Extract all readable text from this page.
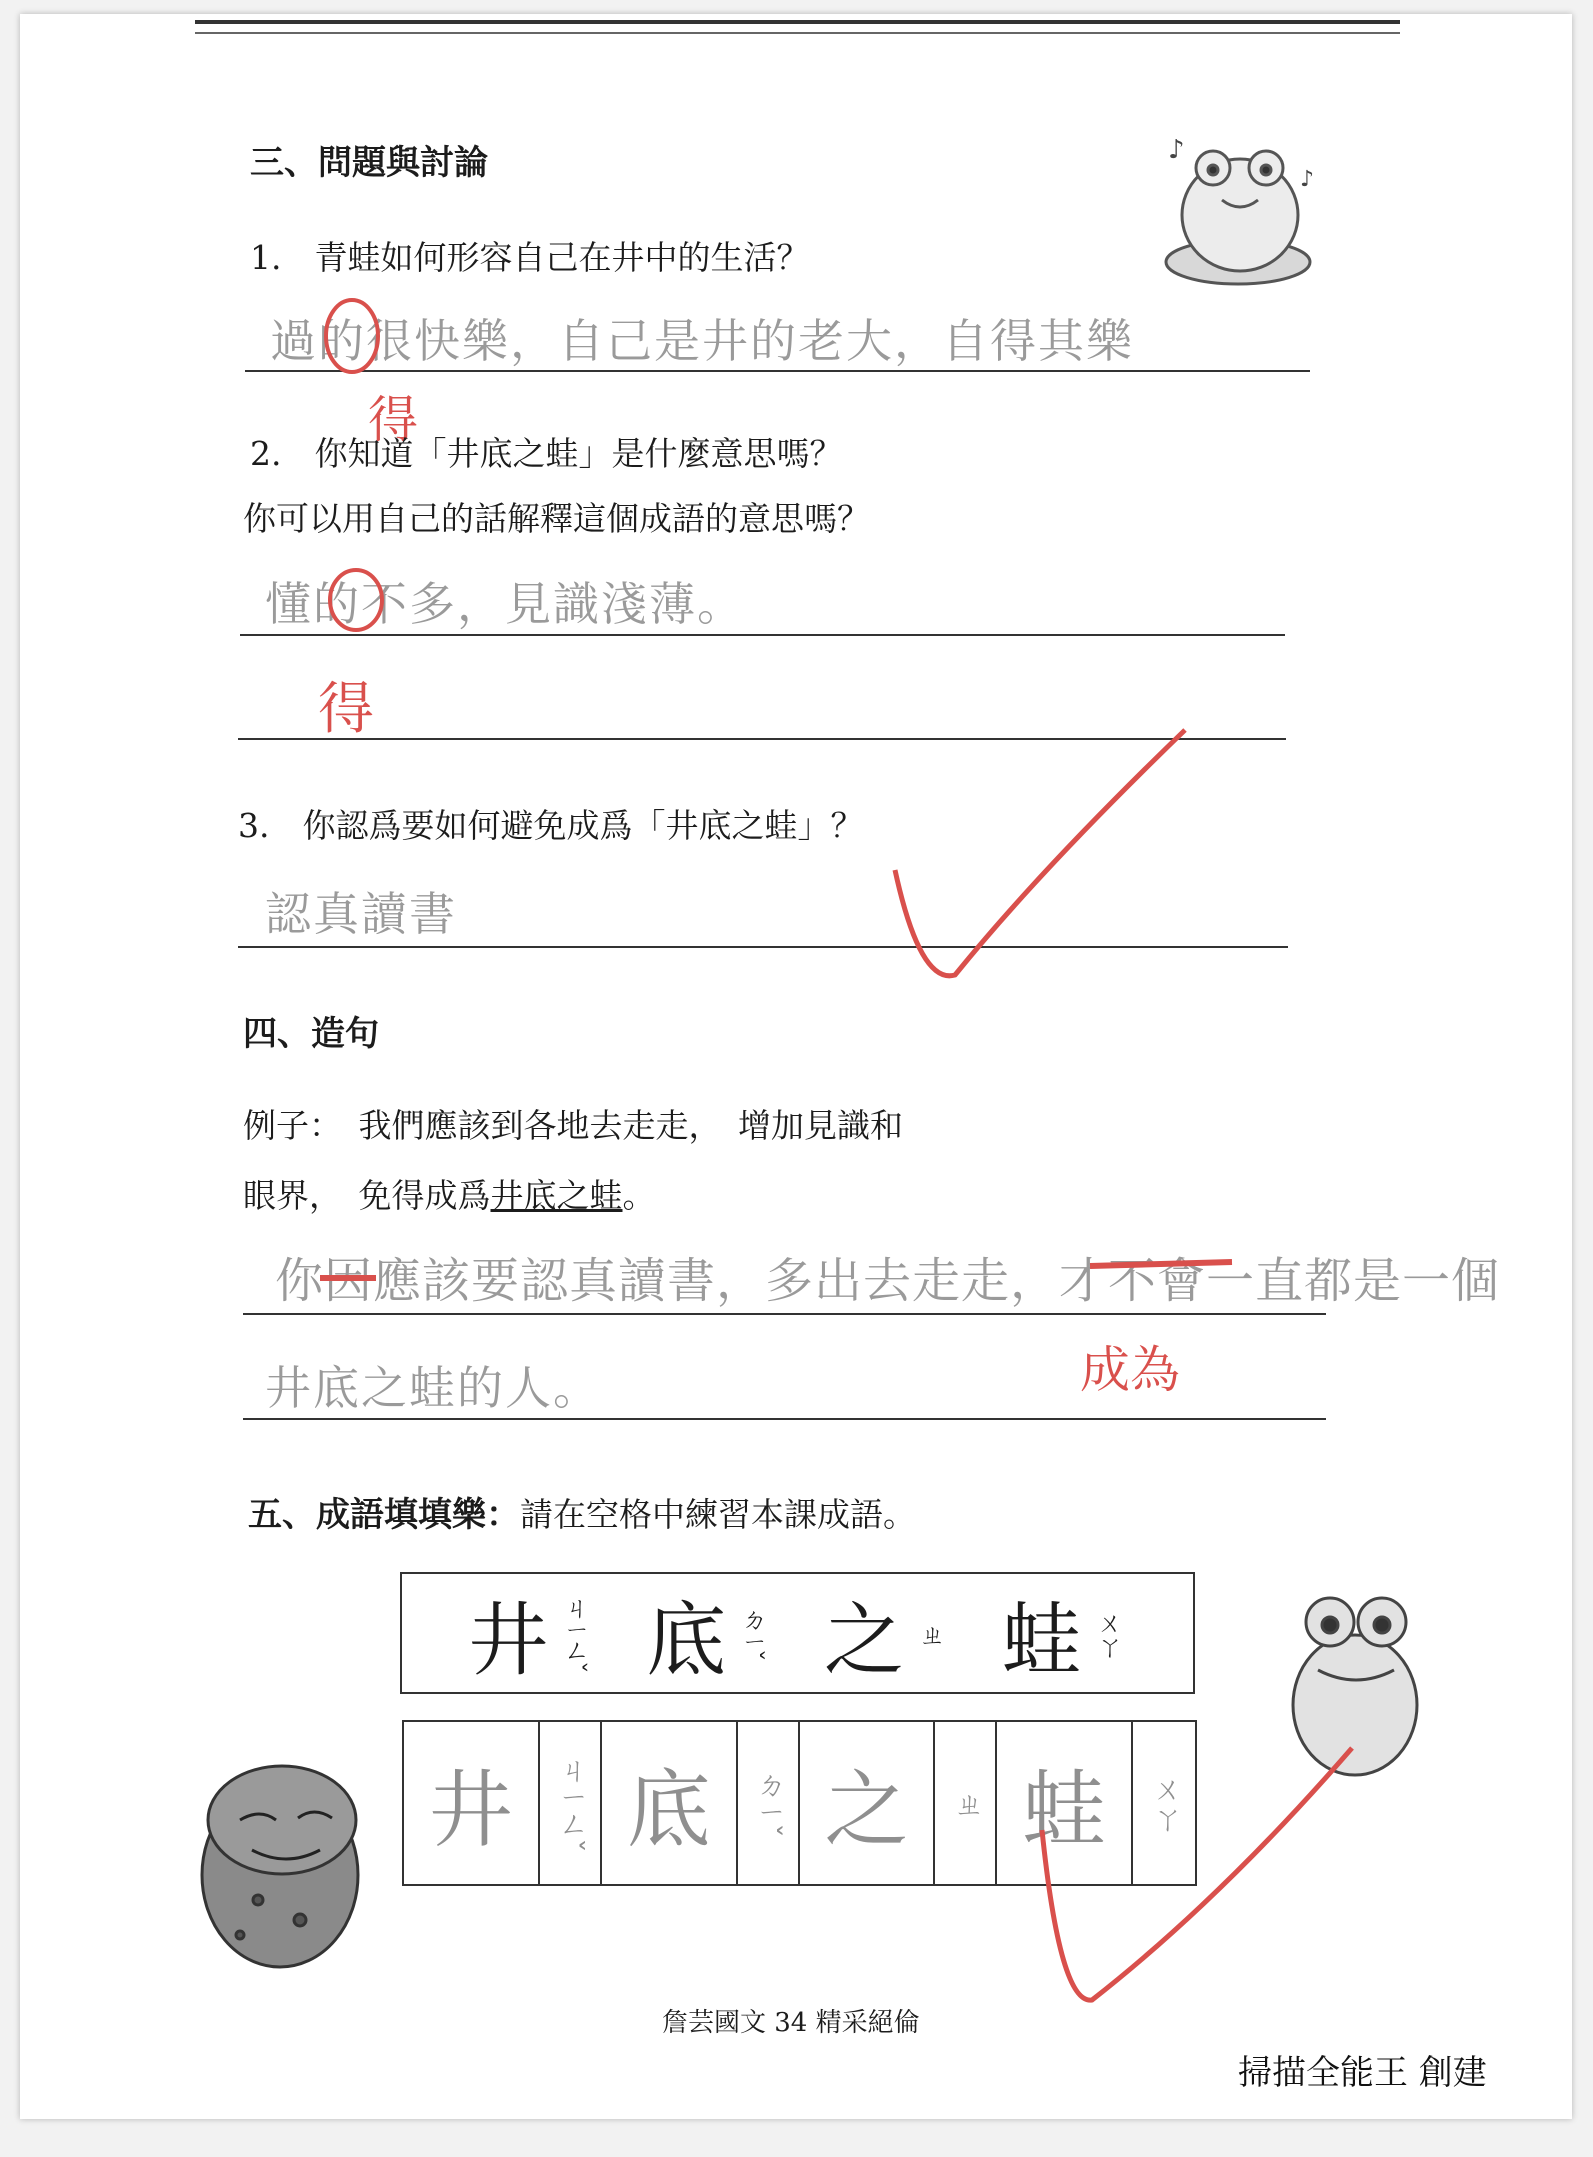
三、問題與討論
1.　青蛙如何形容自己在井中的生活？
過的很快樂，自己是井的老大，自得其樂
得
2.　你知道「井底之蛙」是什麼意思嗎？
你可以用自己的話解釋這個成語的意思嗎？
懂的不多，見識淺薄。
得
3.　你認爲要如何避免成爲「井底之蛙」？
認真讀書
四、造句
例子：　我們應該到各地去走走，　增加見識和
眼界，　免得成爲井底之蛙。
你因應該要認真讀書，多出去走走，才不會一直都是一個
成為
井底之蛙的人。
五、成語填填樂：請在空格中練習本課成語。
井 ㄐㄧㄥˇ 底 ㄉㄧˇ 之 ㄓ 蛙 ㄨㄚ
井 ㄐㄧㄥˇ 底 ㄉㄧˇ 之 ㄓ 蛙 ㄨㄚ
詹芸國文 34 精采絕倫
掃描全能王 創建
♪
♪
